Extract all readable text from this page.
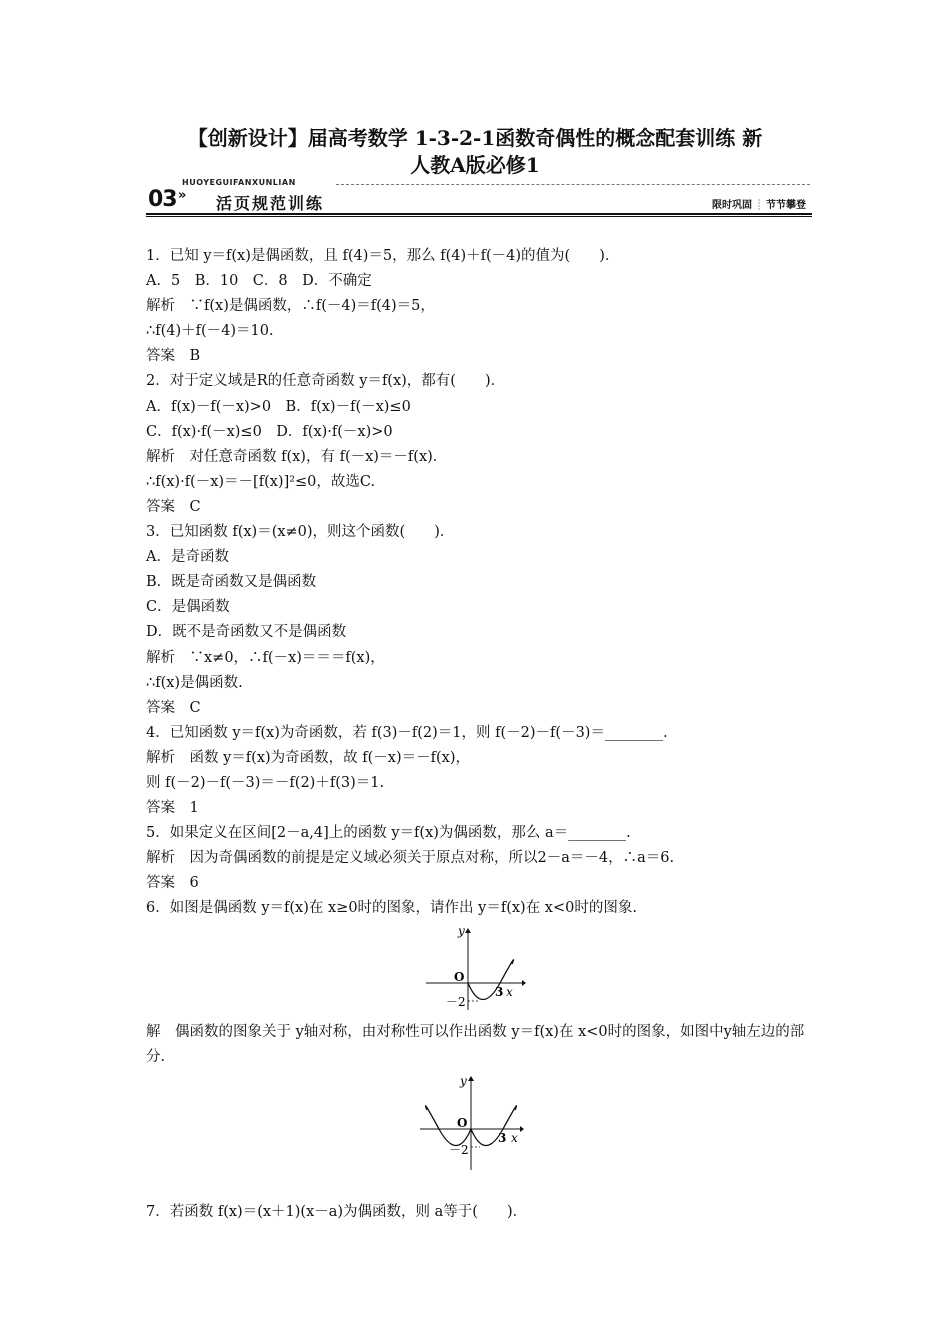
【创新设计】届高考数学 1-3-2-1函数奇偶性的概念配套训练 新
人教A版必修1
HUOYEGUIFANXUNLIAN
03 » 活页规范训练	限时巩固 ┊ 节节攀登
1．已知 y＝f(x)是偶函数，且 f(4)＝5，那么 f(4)＋f(－4)的值为(　　)．
A．5　B．10　C．8　D．不确定
解析　∵f(x)是偶函数，∴f(－4)＝f(4)＝5，
∴f(4)＋f(－4)＝10.
答案　B
2．对于定义域是R的任意奇函数 y＝f(x)，都有(　　)．
A．f(x)－f(－x)>0　B．f(x)－f(－x)≤0
C．f(x)·f(－x)≤0　D．f(x)·f(－x)>0
解析　对任意奇函数 f(x)，有 f(－x)＝－f(x)．
∴f(x)·f(－x)＝－[f(x)]²≤0，故选C.
答案　C
3．已知函数 f(x)＝(x≠0)，则这个函数(　　)．
A．是奇函数
B．既是奇函数又是偶函数
C．是偶函数
D．既不是奇函数又不是偶函数
解析　∵x≠0，∴f(－x)＝＝＝f(x)，
∴f(x)是偶函数.
答案　C
4．已知函数 y＝f(x)为奇函数，若 f(3)－f(2)＝1，则 f(－2)－f(－3)＝________.
解析　函数 y＝f(x)为奇函数，故 f(－x)＝－f(x)，
则 f(－2)－f(－3)＝－f(2)＋f(3)＝1.
答案　1
5．如果定义在区间[2－a,4]上的函数 y＝f(x)为偶函数，那么 a＝________.
解析　因为奇偶函数的前提是定义域必须关于原点对称，所以2－a＝－4，∴a＝6.
答案　6
6．如图是偶函数 y＝f(x)在 x≥0时的图象，请作出 y＝f(x)在 x<0时的图象.
y
O
－2
3 x
解　偶函数的图象关于 y轴对称，由对称性可以作出函数 y＝f(x)在 x<0时的图象，如图中y轴左边的部分.
y
O
－2
3 x
7．若函数 f(x)＝(x＋1)(x－a)为偶函数，则 a等于(　　)．
